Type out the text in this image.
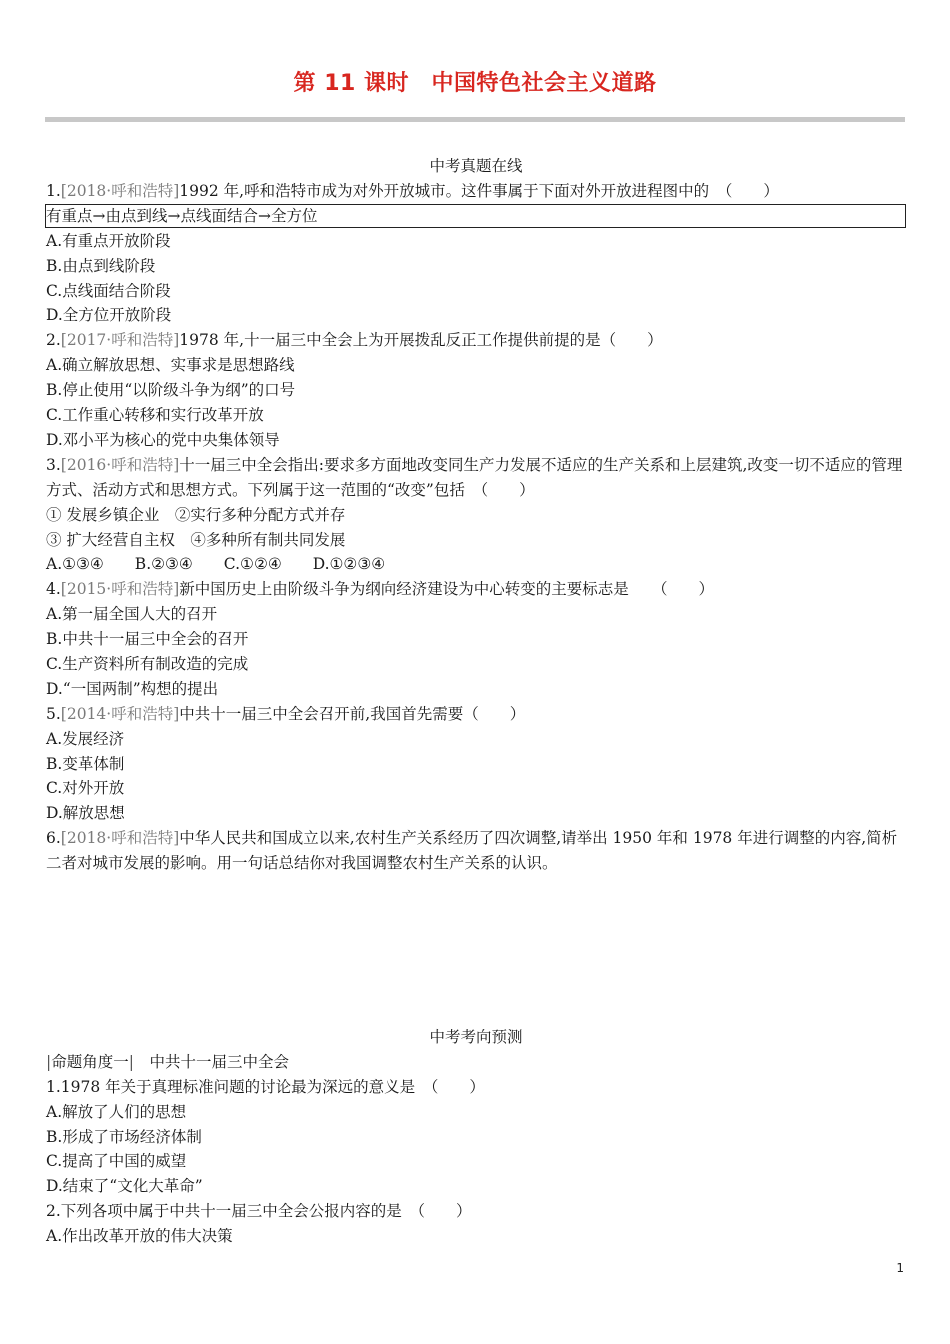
第 11 课时　中国特色社会主义道路
中考真题在线
1.[2018·呼和浩特]1992 年,呼和浩特市成为对外开放城市。这件事属于下面对外开放进程图中的　（　　）
有重点→由点到线→点线面结合→全方位
A.有重点开放阶段
B.由点到线阶段
C.点线面结合阶段
D.全方位开放阶段
2.[2017·呼和浩特]1978 年,十一届三中全会上为开展拨乱反正工作提供前提的是（　　）
A.确立解放思想、实事求是思想路线
B.停止使用“以阶级斗争为纲”的口号
C.工作重心转移和实行改革开放
D.邓小平为核心的党中央集体领导
3.[2016·呼和浩特]十一届三中全会指出:要求多方面地改变同生产力发展不适应的生产关系和上层建筑,改变一切不适应的管理方式、活动方式和思想方式。下列属于这一范围的“改变”包括　（　　）
① 发展乡镇企业　②实行多种分配方式并存
③ 扩大经营自主权　④多种所有制共同发展
A.①③④　　B.②③④　　C.①②④　　D.①②③④
4.[2015·呼和浩特]新中国历史上由阶级斗争为纲向经济建设为中心转变的主要标志是　　（　　）
A.第一届全国人大的召开
B.中共十一届三中全会的召开
C.生产资料所有制改造的完成
D.“一国两制”构想的提出
5.[2014·呼和浩特]中共十一届三中全会召开前,我国首先需要（　　）
A.发展经济
B.变革体制
C.对外开放
D.解放思想
6.[2018·呼和浩特]中华人民共和国成立以来,农村生产关系经历了四次调整,请举出 1950 年和 1978 年进行调整的内容,简析二者对城市发展的影响。用一句话总结你对我国调整农村生产关系的认识。
中考考向预测
|命题角度一|　中共十一届三中全会
1.1978 年关于真理标准问题的讨论最为深远的意义是　（　　）
A.解放了人们的思想
B.形成了市场经济体制
C.提高了中国的威望
D.结束了“文化大革命”
2.下列各项中属于中共十一届三中全会公报内容的是　（　　）
A.作出改革开放的伟大决策
1
